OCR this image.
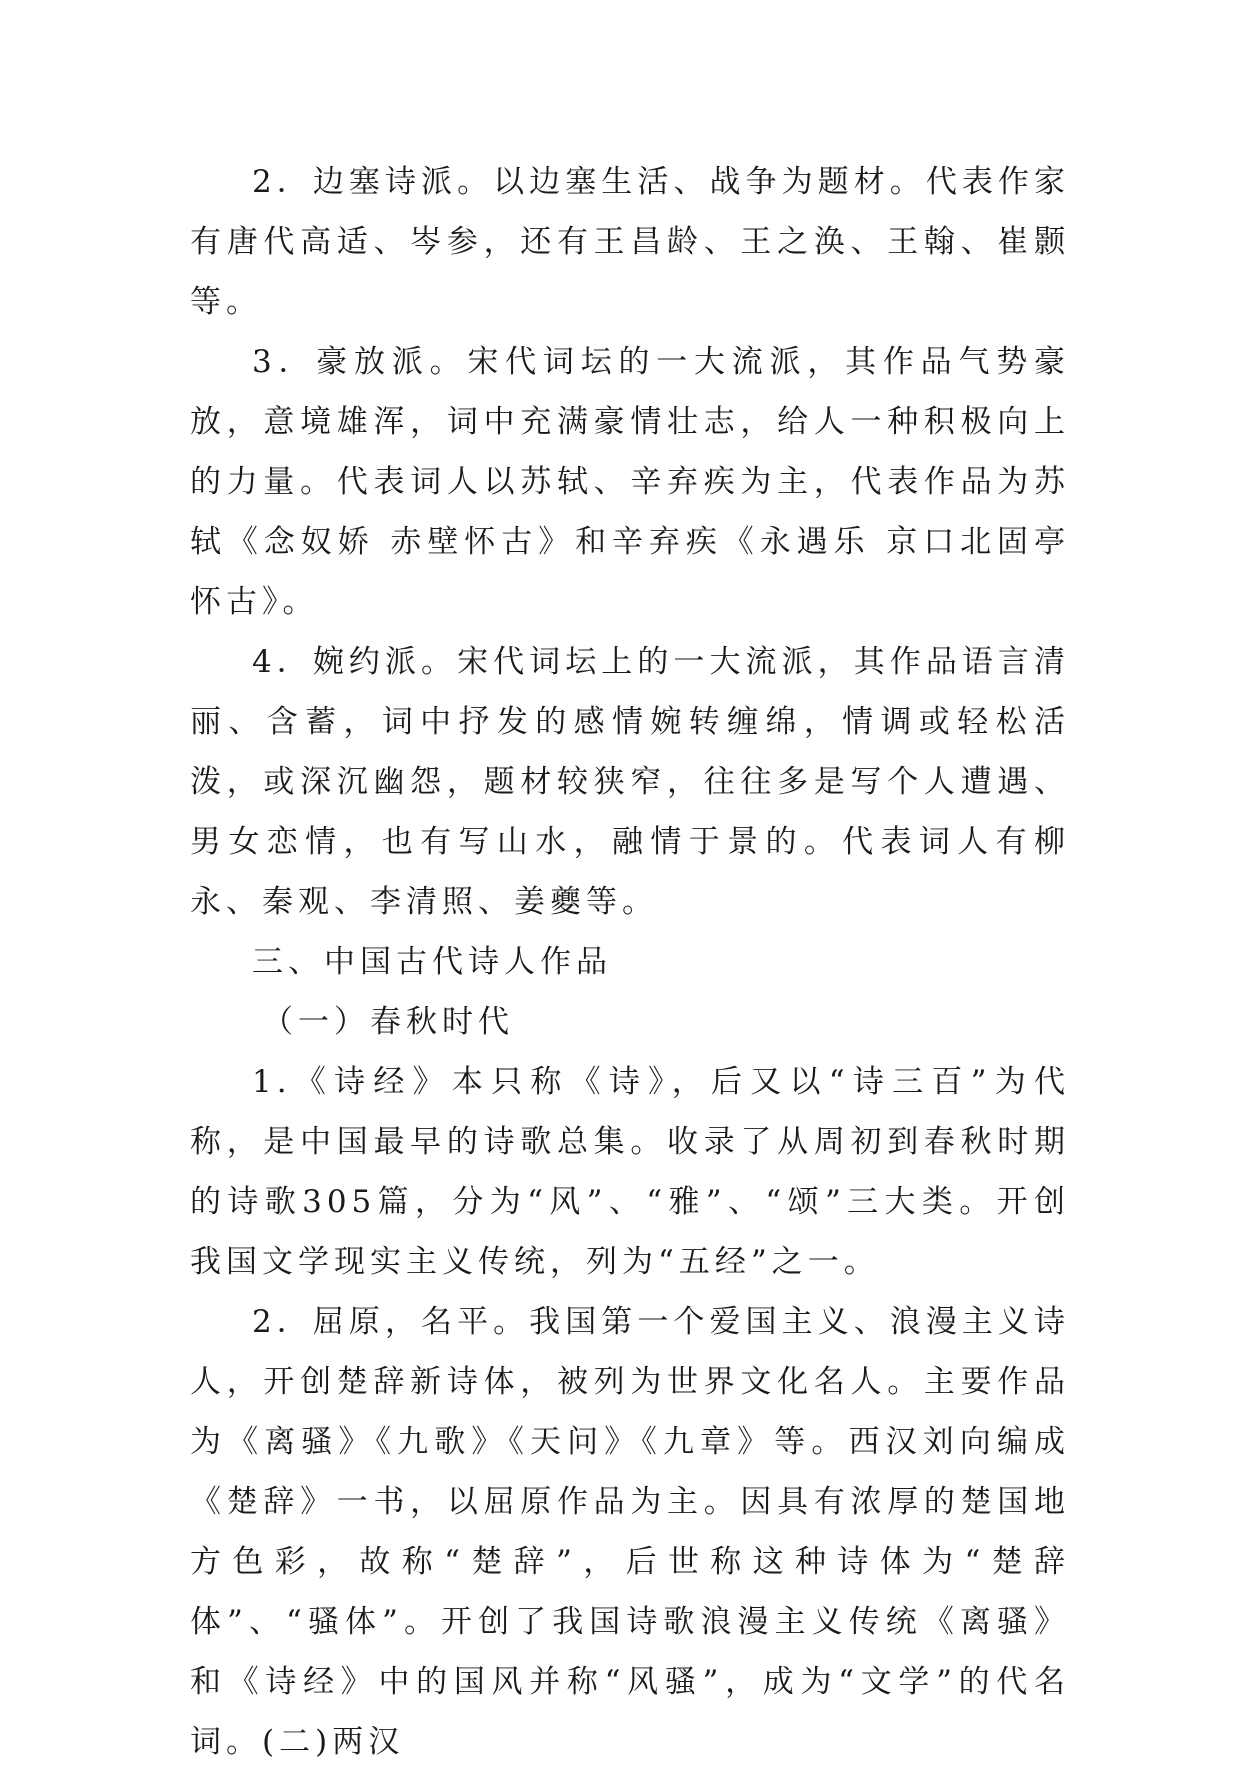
2．边塞诗派。以边塞生活、战争为题材。代表作家有唐代高适、岑参，还有王昌龄、王之涣、王翰、崔颢等。

3．豪放派。宋代词坛的一大流派，其作品气势豪放，意境雄浑，词中充满豪情壮志，给人一种积极向上的力量。代表词人以苏轼、辛弃疾为主，代表作品为苏轼《念奴娇 赤壁怀古》和辛弃疾《永遇乐 京口北固亭怀古》。

4．婉约派。宋代词坛上的一大流派，其作品语言清丽、含蓄，词中抒发的感情婉转缠绵，情调或轻松活泼，或深沉幽怨，题材较狭窄，往往多是写个人遭遇、男女恋情，也有写山水，融情于景的。代表词人有柳永、秦观、李清照、姜夔等。

三、中国古代诗人作品

（一）春秋时代

1.《诗经》本只称《诗》，后又以“诗三百”为代称，是中国最早的诗歌总集。收录了从周初到春秋时期的诗歌305篇，分为“风”、“雅”、“颂”三大类。开创我国文学现实主义传统，列为“五经”之一。

2．屈原，名平。我国第一个爱国主义、浪漫主义诗人，开创楚辞新诗体，被列为世界文化名人。主要作品为《离骚》《九歌》《天问》《九章》等。西汉刘向编成《楚辞》一书，以屈原作品为主。因具有浓厚的楚国地方色彩，故称“楚辞”，后世称这种诗体为“楚辞体”、“骚体”。开创了我国诗歌浪漫主义传统《离骚》和《诗经》中的国风并称“风骚”，成为“文学”的代名词。(二)两汉
